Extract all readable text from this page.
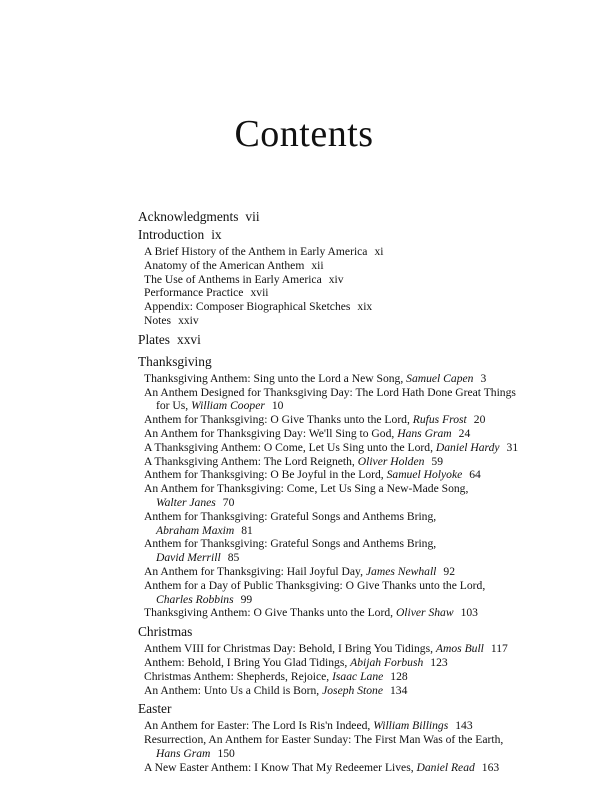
Contents
Acknowledgments vii
Introduction ix
A Brief History of the Anthem in Early America xi
Anatomy of the American Anthem xii
The Use of Anthems in Early America xiv
Performance Practice xvii
Appendix: Composer Biographical Sketches xix
Notes xxiv
Plates xxvi
Thanksgiving
Thanksgiving Anthem: Sing unto the Lord a New Song, Samuel Capen 3
An Anthem Designed for Thanksgiving Day: The Lord Hath Done Great Things
for Us, William Cooper 10
Anthem for Thanksgiving: O Give Thanks unto the Lord, Rufus Frost 20
An Anthem for Thanksgiving Day: We'll Sing to God, Hans Gram 24
A Thanksgiving Anthem: O Come, Let Us Sing unto the Lord, Daniel Hardy 31
A Thanksgiving Anthem: The Lord Reigneth, Oliver Holden 59
Anthem for Thanksgiving: O Be Joyful in the Lord, Samuel Holyoke 64
An Anthem for Thanksgiving: Come, Let Us Sing a New-Made Song,
Walter Janes 70
Anthem for Thanksgiving: Grateful Songs and Anthems Bring,
Abraham Maxim 81
Anthem for Thanksgiving: Grateful Songs and Anthems Bring,
David Merrill 85
An Anthem for Thanksgiving: Hail Joyful Day, James Newhall 92
Anthem for a Day of Public Thanksgiving: O Give Thanks unto the Lord,
Charles Robbins 99
Thanksgiving Anthem: O Give Thanks unto the Lord, Oliver Shaw 103
Christmas
Anthem VIII for Christmas Day: Behold, I Bring You Tidings, Amos Bull 117
Anthem: Behold, I Bring You Glad Tidings, Abijah Forbush 123
Christmas Anthem: Shepherds, Rejoice, Isaac Lane 128
An Anthem: Unto Us a Child is Born, Joseph Stone 134
Easter
An Anthem for Easter: The Lord Is Ris'n Indeed, William Billings 143
Resurrection, An Anthem for Easter Sunday: The First Man Was of the Earth,
Hans Gram 150
A New Easter Anthem: I Know That My Redeemer Lives, Daniel Read 163
